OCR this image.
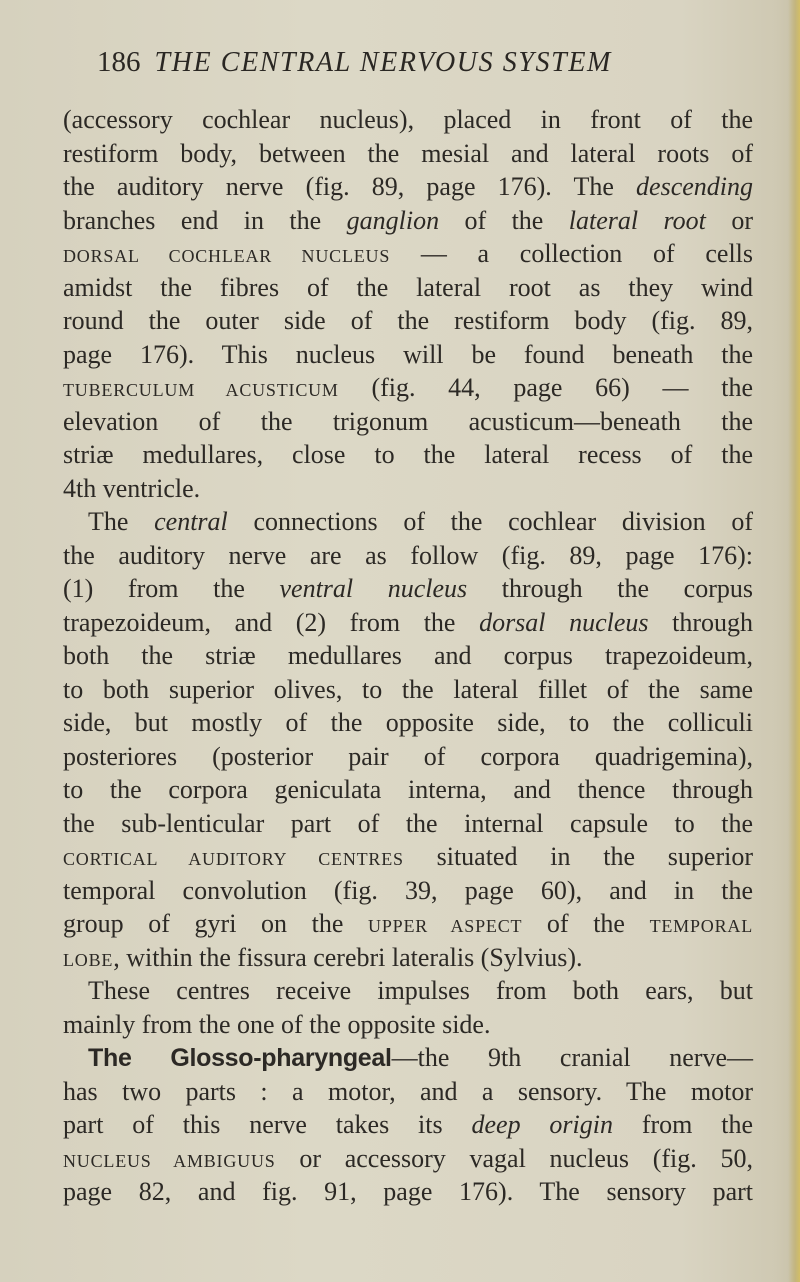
186 THE CENTRAL NERVOUS SYSTEM
(accessory cochlear nucleus), placed in front of the
restiform body, between the mesial and lateral roots of
the auditory nerve (fig. 89, page 176). The descending
branches end in the ganglion of the lateral root or
DORSAL COCHLEAR NUCLEUS — a collection of cells
amidst the fibres of the lateral root as they wind
round the outer side of the restiform body (fig. 89,
page 176). This nucleus will be found beneath the
TUBERCULUM ACUSTICUM (fig. 44, page 66) — the
elevation of the trigonum acusticum—beneath the
striæ medullares, close to the lateral recess of the
4th ventricle.
The central connections of the cochlear division of
the auditory nerve are as follow (fig. 89, page 176):
(1) from the ventral nucleus through the corpus
trapezoideum, and (2) from the dorsal nucleus through
both the striæ medullares and corpus trapezoideum,
to both superior olives, to the lateral fillet of the same
side, but mostly of the opposite side, to the colliculi
posteriores (posterior pair of corpora quadrigemina),
to the corpora geniculata interna, and thence through
the sub-lenticular part of the internal capsule to the
CORTICAL AUDITORY CENTRES situated in the superior
temporal convolution (fig. 39, page 60), and in the
group of gyri on the UPPER ASPECT of the TEMPORAL
LOBE, within the fissura cerebri lateralis (Sylvius).
These centres receive impulses from both ears, but
mainly from the one of the opposite side.
The Glosso-pharyngeal—the 9th cranial nerve—
has two parts : a motor, and a sensory. The motor
part of this nerve takes its deep origin from the
NUCLEUS AMBIGUUS or accessory vagal nucleus (fig. 50,
page 82, and fig. 91, page 176). The sensory part
